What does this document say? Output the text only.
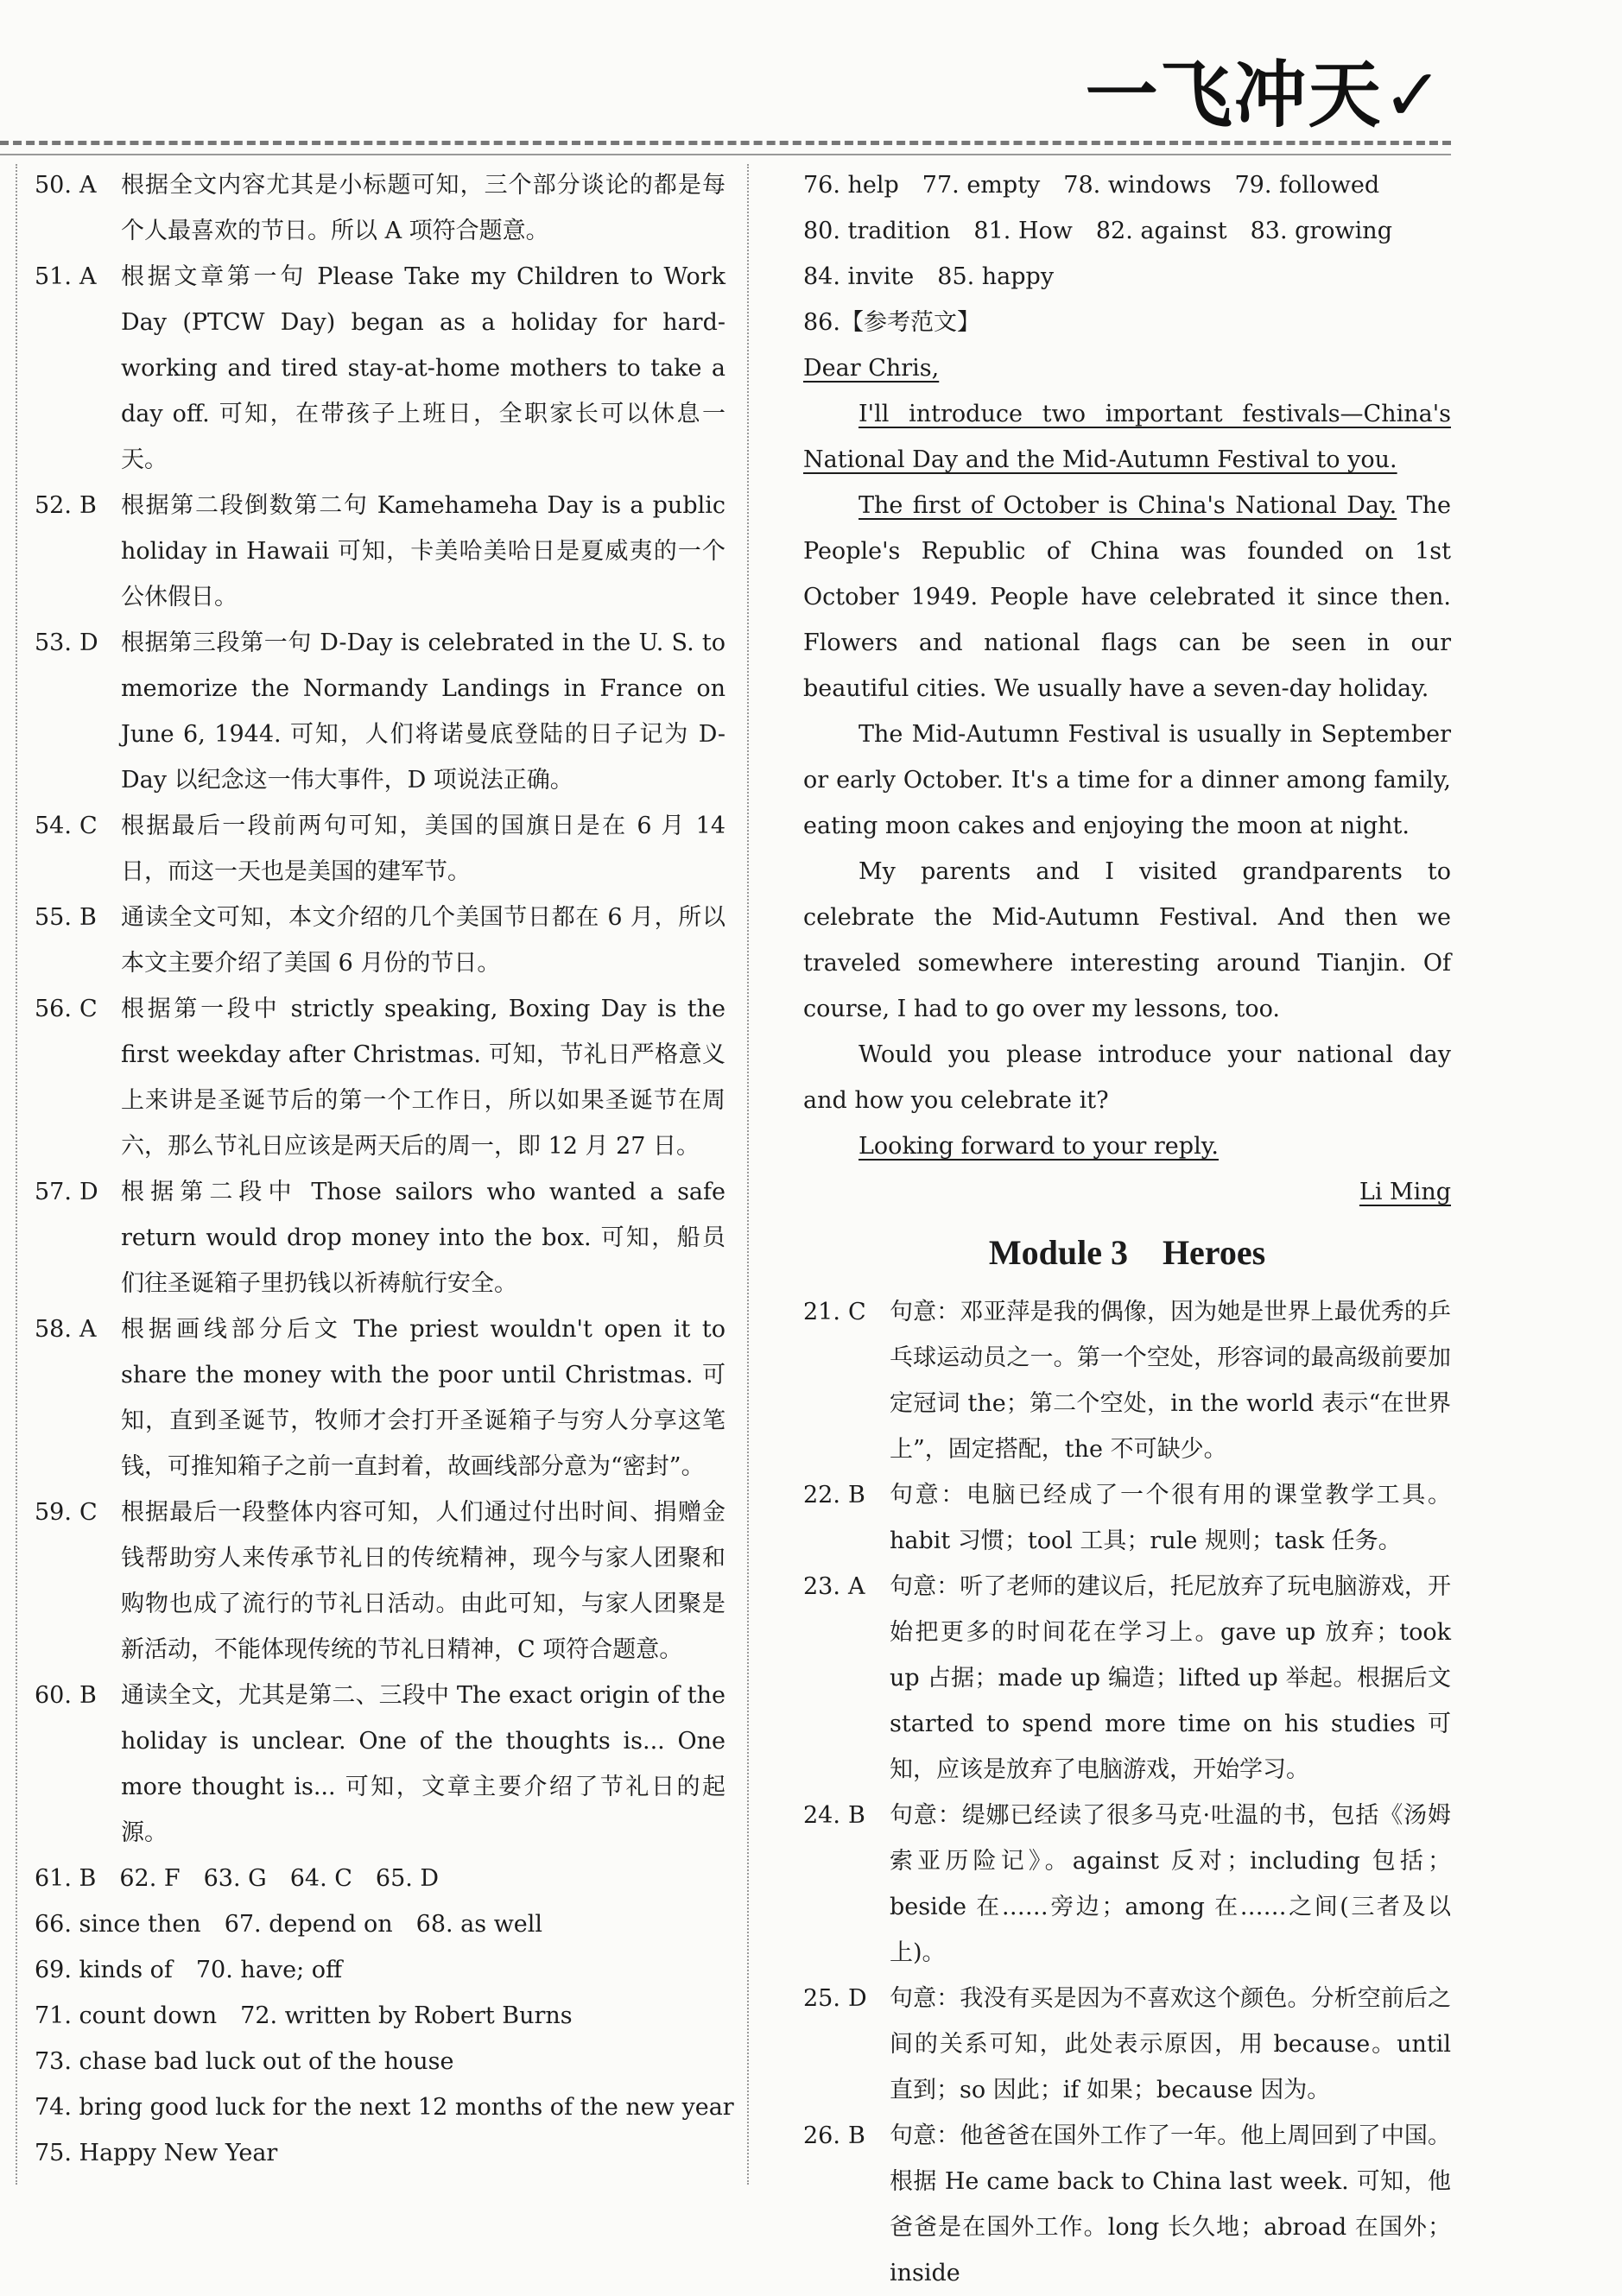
一飞冲天✓
50. A	根据全文内容尤其是小标题可知，三个部分谈论的都是每个人最喜欢的节日。所以 A 项符合题意。
51. A	根据文章第一句 Please Take my Children to Work Day (PTCW Day) began as a holiday for hard-working and tired stay-at-home mothers to take a day off. 可知，在带孩子上班日，全职家长可以休息一天。
52. B	根据第二段倒数第二句 Kamehameha Day is a public holiday in Hawaii 可知，卡美哈美哈日是夏威夷的一个公休假日。
53. D 根据第三段第一句 D-Day is celebrated in the U. S. to memorize the Normandy Landings in France on June 6, 1944. 可知，人们将诺曼底登陆的日子记为 D-Day 以纪念这一伟大事件，D 项说法正确。
54. C	根据最后一段前两句可知，美国的国旗日是在 6 月 14 日，而这一天也是美国的建军节。
55. B	通读全文可知，本文介绍的几个美国节日都在 6 月，所以本文主要介绍了美国 6 月份的节日。
56. C	根据第一段中 strictly speaking, Boxing Day is the first weekday after Christmas. 可知，节礼日严格意义上来讲是圣诞节后的第一个工作日，所以如果圣诞节在周六，那么节礼日应该是两天后的周一，即 12 月 27 日。
57. D 根据第二段中 Those sailors who wanted a safe return would drop money into the box. 可知，船员们往圣诞箱子里扔钱以祈祷航行安全。
58. A	根据画线部分后文 The priest wouldn't open it to share the money with the poor until Christmas. 可知，直到圣诞节，牧师才会打开圣诞箱子与穷人分享这笔钱，可推知箱子之前一直封着，故画线部分意为“密封”。
59. C	根据最后一段整体内容可知，人们通过付出时间、捐赠金钱帮助穷人来传承节礼日的传统精神，现今与家人团聚和购物也成了流行的节礼日活动。由此可知，与家人团聚是新活动，不能体现传统的节礼日精神，C 项符合题意。
60. B	通读全文，尤其是第二、三段中 The exact origin of the holiday is unclear. One of the thoughts is... One more thought is... 可知，文章主要介绍了节礼日的起源。
61. B　62. F　63. G　64. C　65. D
66. since then　67. depend on　68. as well
69. kinds of　70. have; off
71. count down　72. written by Robert Burns
73. chase bad luck out of the house
74. bring good luck for the next 12 months of the new year
75. Happy New Year
76. help　77. empty　78. windows　79. followed
80. tradition　81. How　82. against　83. growing
84. invite　85. happy
86.【参考范文】
Dear Chris,
I'll introduce two important festivals—China's National Day and the Mid-Autumn Festival to you.
The first of October is China's National Day. The People's Republic of China was founded on 1st October 1949. People have celebrated it since then. Flowers and national flags can be seen in our beautiful cities. We usually have a seven-day holiday.
The Mid-Autumn Festival is usually in September or early October. It's a time for a dinner among family, eating moon cakes and enjoying the moon at night.
My parents and I visited grandparents to celebrate the Mid-Autumn Festival. And then we traveled somewhere interesting around Tianjin. Of course, I had to go over my lessons, too.
Would you please introduce your national day and how you celebrate it?
Looking forward to your reply.
Li Ming
Module 3　Heroes
21. C	句意：邓亚萍是我的偶像，因为她是世界上最优秀的乒乓球运动员之一。第一个空处，形容词的最高级前要加定冠词 the；第二个空处，in the world 表示“在世界上”，固定搭配，the 不可缺少。
22. B	句意：电脑已经成了一个很有用的课堂教学工具。habit 习惯；tool 工具；rule 规则；task 任务。
23. A	句意：听了老师的建议后，托尼放弃了玩电脑游戏，开始把更多的时间花在学习上。gave up 放弃；took up 占据；made up 编造；lifted up 举起。根据后文 started to spend more time on his studies 可知，应该是放弃了电脑游戏，开始学习。
24. B	句意：缇娜已经读了很多马克·吐温的书，包括《汤姆索亚历险记》。against 反对；including 包括；beside 在……旁边；among 在……之间(三者及以上)。
25. D 句意：我没有买是因为不喜欢这个颜色。分析空前后之间的关系可知，此处表示原因，用 because。until 直到；so 因此；if 如果；because 因为。
26. B	句意：他爸爸在国外工作了一年。他上周回到了中国。根据 He came back to China last week. 可知，他爸爸是在国外工作。long 长久地；abroad 在国外；inside
